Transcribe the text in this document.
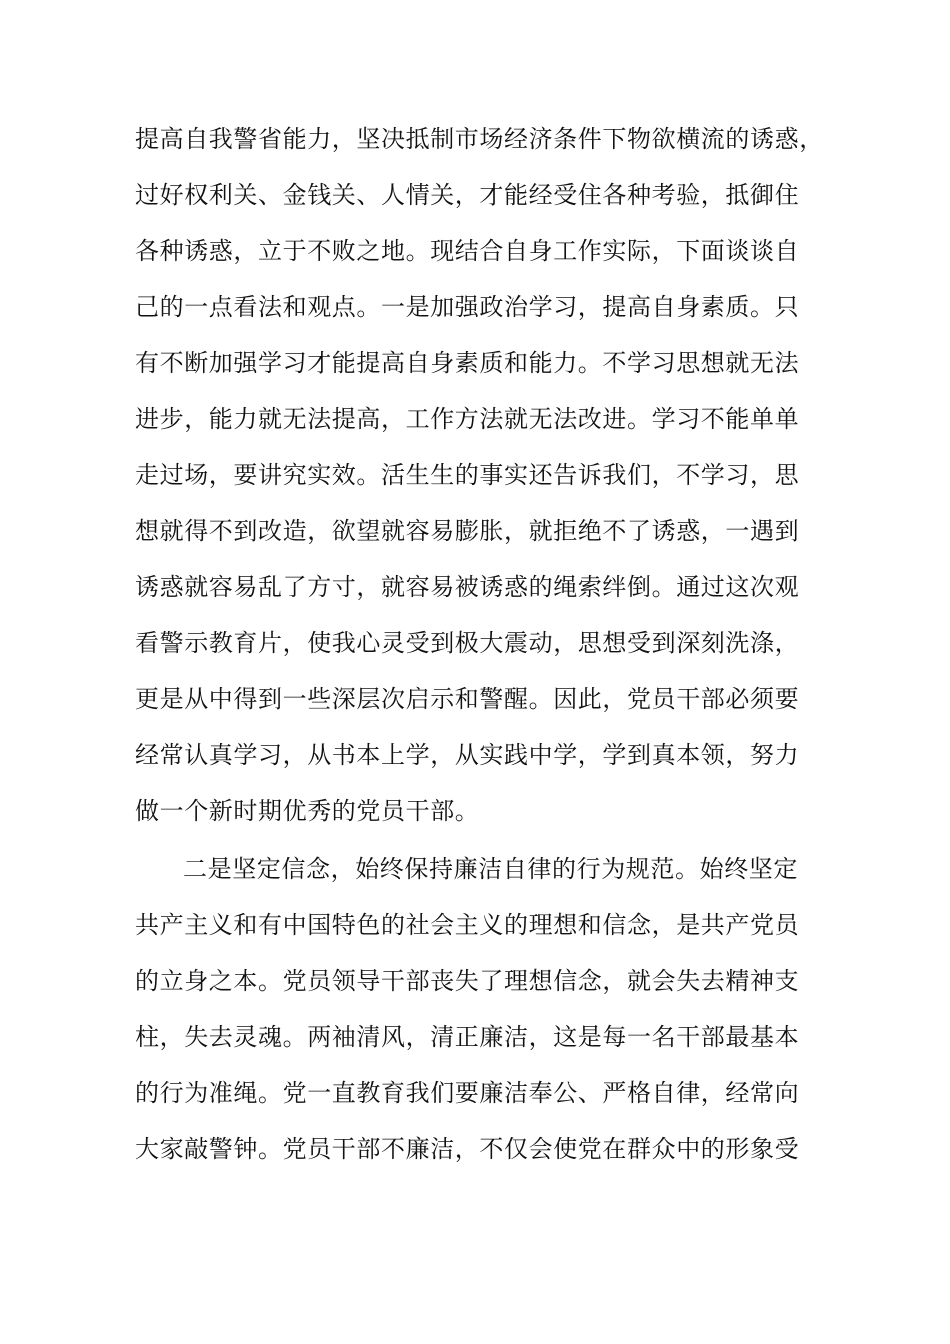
提高自我警省能力，坚决抵制市场经济条件下物欲横流的诱惑，
过好权利关、金钱关、人情关，才能经受住各种考验，抵御住
各种诱惑，立于不败之地。现结合自身工作实际，下面谈谈自
己的一点看法和观点。一是加强政治学习，提高自身素质。只
有不断加强学习才能提高自身素质和能力。不学习思想就无法
进步，能力就无法提高，工作方法就无法改进。学习不能单单
走过场，要讲究实效。活生生的事实还告诉我们，不学习，思
想就得不到改造，欲望就容易膨胀，就拒绝不了诱惑，一遇到
诱惑就容易乱了方寸，就容易被诱惑的绳索绊倒。通过这次观
看警示教育片，使我心灵受到极大震动，思想受到深刻洗涤，
更是从中得到一些深层次启示和警醒。因此，党员干部必须要
经常认真学习，从书本上学，从实践中学，学到真本领，努力
做一个新时期优秀的党员干部。
二是坚定信念，始终保持廉洁自律的行为规范。始终坚定
共产主义和有中国特色的社会主义的理想和信念，是共产党员
的立身之本。党员领导干部丧失了理想信念，就会失去精神支
柱，失去灵魂。两袖清风，清正廉洁，这是每一名干部最基本
的行为准绳。党一直教育我们要廉洁奉公、严格自律，经常向
大家敲警钟。党员干部不廉洁，不仅会使党在群众中的形象受
